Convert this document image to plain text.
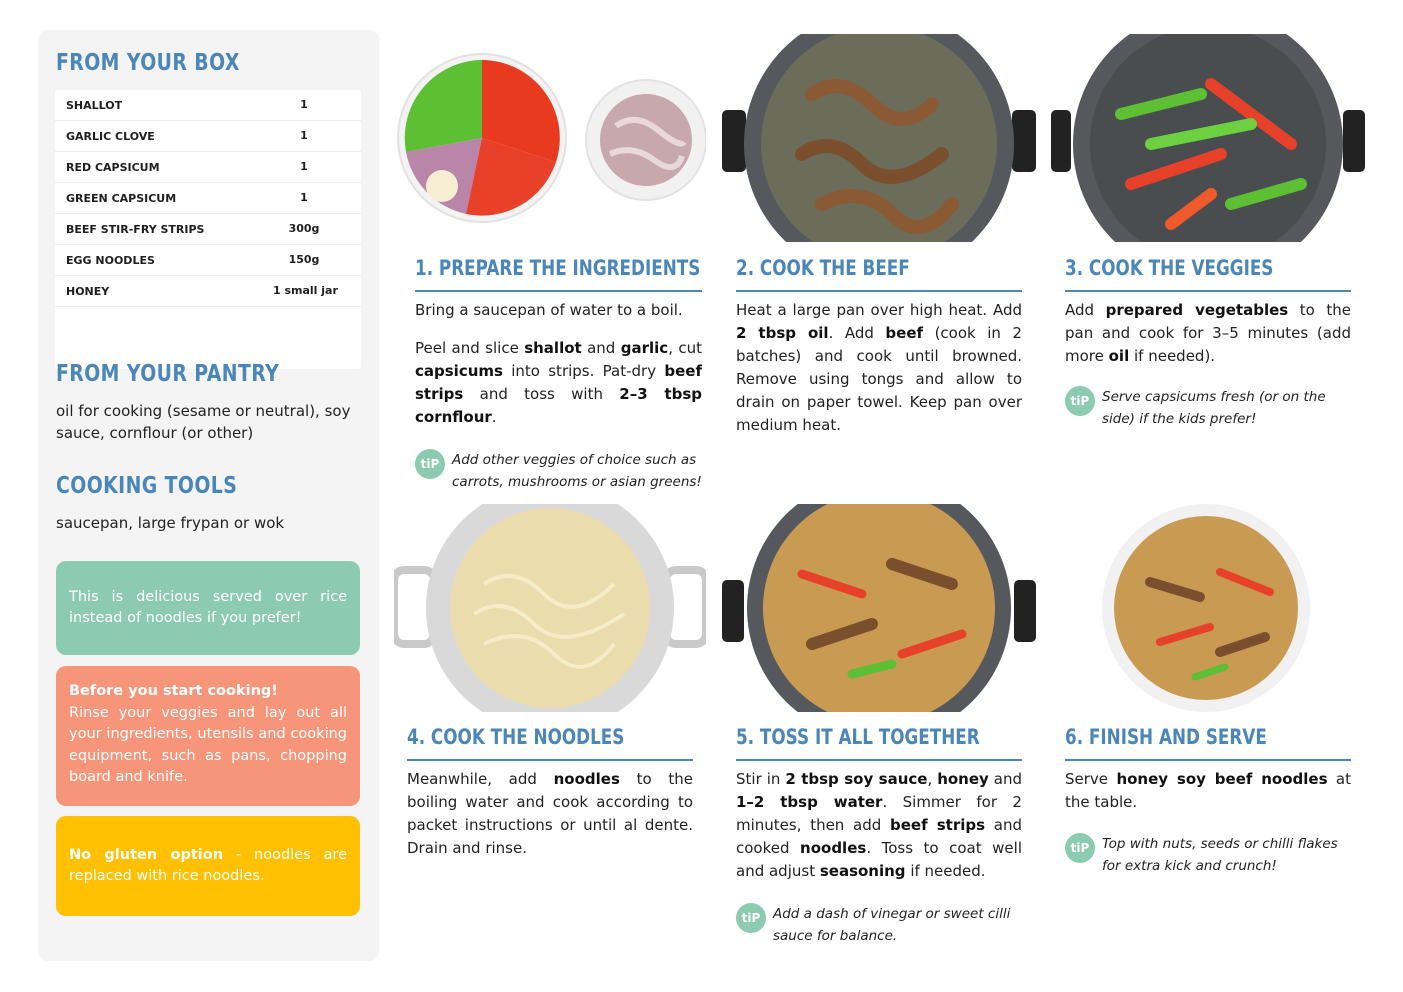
FROM YOUR BOX
SHALLOT	1
GARLIC CLOVE	1
RED CAPSICUM	1
GREEN CAPSICUM	1
BEEF STIR-FRY STRIPS	300g
EGG NOODLES	150g
HONEY	1 small jar
FROM YOUR PANTRY
oil for cooking (sesame or neutral), soy sauce, cornflour (or other)
COOKING TOOLS
saucepan, large frypan or wok
This is delicious served over rice instead of noodles if you prefer!
Before you start cooking!
Rinse your veggies and lay out all your ingredients, utensils and cooking equipment, such as pans, chopping board and knife.
No gluten option - noodles are replaced with rice noodles.
1. PREPARE THE INGREDIENTS

Bring a saucepan of water to a boil.

Peel and slice shallot and garlic, cut capsicums into strips. Pat-dry beef strips and toss with 2–3 tbsp cornflour.

tiP Add other veggies of choice such as carrots, mushrooms or asian greens!
2. COOK THE BEEF

Heat a large pan over high heat. Add 2 tbsp oil. Add beef (cook in 2 batches) and cook until browned. Remove using tongs and allow to drain on paper towel. Keep pan over medium heat.

3. COOK THE VEGGIES

Add prepared vegetables to the pan and cook for 3–5 minutes (add more oil if needed).

tiP Serve capsicums fresh (or on the side) if the kids prefer!
4. COOK THE NOODLES

Meanwhile, add noodles to the boiling water and cook according to packet instructions or until al dente. Drain and rinse.

5. TOSS IT ALL TOGETHER

Stir in 2 tbsp soy sauce, honey and 1–2 tbsp water. Simmer for 2 minutes, then add beef strips and cooked noodles. Toss to coat well and adjust seasoning if needed.

tiP Add a dash of vinegar or sweet cilli sauce for balance.
6. FINISH AND SERVE

Serve honey soy beef noodles at the table.

tiP Top with nuts, seeds or chilli flakes for extra kick and crunch!
